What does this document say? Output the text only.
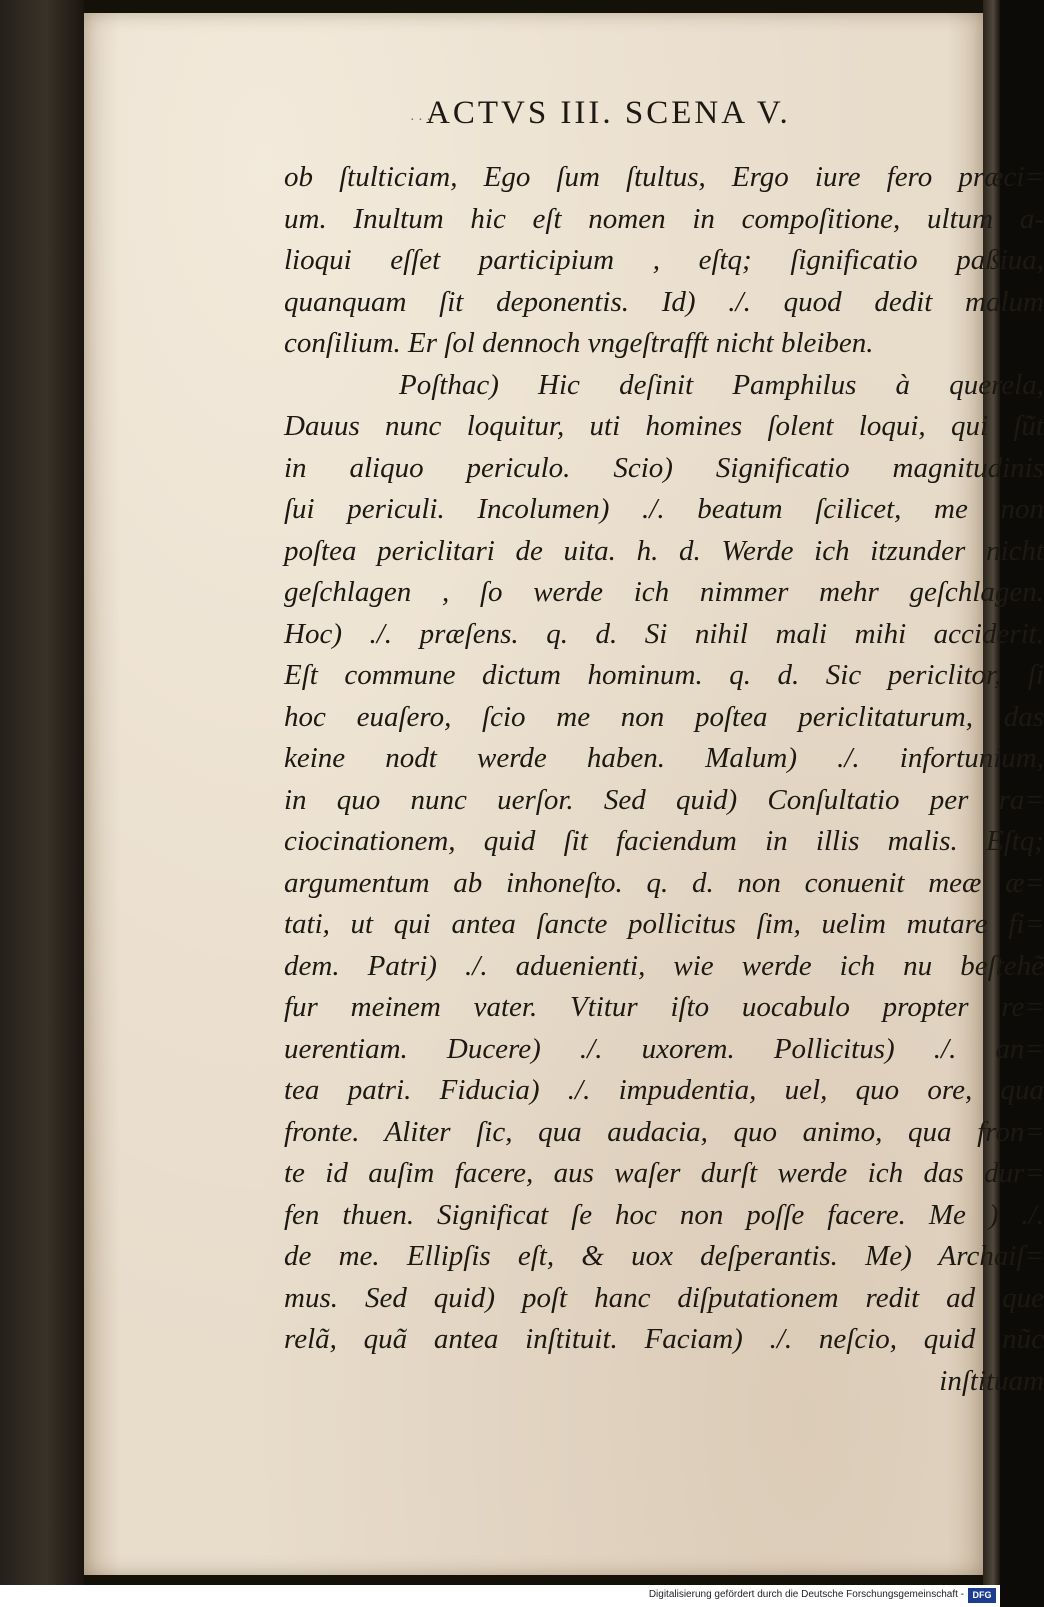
· · ·
ACTVS III. SCENA V.
ob ſtulticiam, Ego ſum ſtultus, Ergo iure fero præci=
um. Inultum hic eſt nomen in compoſitione, ultum a-
lioqui eſſet participium , eſtq; ſignificatio paßiua,
quanquam ſit deponentis. Id) ./. quod dedit malum
conſilium. Er ſol dennoch vngeſtrafft nicht bleiben.
Poſthac) Hic deſinit Pamphilus à querela,
Dauus nunc loquitur, uti homines ſolent loqui, qui ſũt
in aliquo periculo. Scio) Significatio magnitudinis
ſui periculi. Incolumen) ./. beatum ſcilicet, me non
poſtea periclitari de uita. h. d. Werde ich itzunder nicht
geſchlagen , ſo werde ich nimmer mehr geſchlagen.
Hoc) ./. præſens. q. d. Si nihil mali mihi acciderit.
Eſt commune dictum hominum. q. d. Sic periclitor, ſi
hoc euaſero, ſcio me non poſtea periclitaturum, das
keine nodt werde haben. Malum) ./. infortunium,
in quo nunc uerſor. Sed quid) Conſultatio per ra=
ciocinationem, quid ſit faciendum in illis malis. Eſtq;
argumentum ab inhoneſto. q. d. non conuenit meæ æ=
tati, ut qui antea ſancte pollicitus ſim, uelim mutare fi=
dem. Patri) ./. aduenienti, wie werde ich nu beſtehẽ
fur meinem vater. Vtitur iſto uocabulo propter re=
uerentiam. Ducere) ./. uxorem. Pollicitus) ./. an=
tea patri. Fiducia) ./. impudentia, uel, quo ore, qua
fronte. Aliter ſic, qua audacia, quo animo, qua fron=
te id auſim facere, aus waſer durſt werde ich das dur=
fen thuen. Significat ſe hoc non poſſe facere. Me ) ./.
de me. Ellipſis eſt, & uox deſperantis. Me) Archaiſ=
mus. Sed quid) poſt hanc diſputationem redit ad que
relã, quã antea inſtituit. Faciam) ./. neſcio, quid nũc
inſtituam
Digitalisierung gefördert durch die Deutsche Forschungsgemeinschaft - DFG
